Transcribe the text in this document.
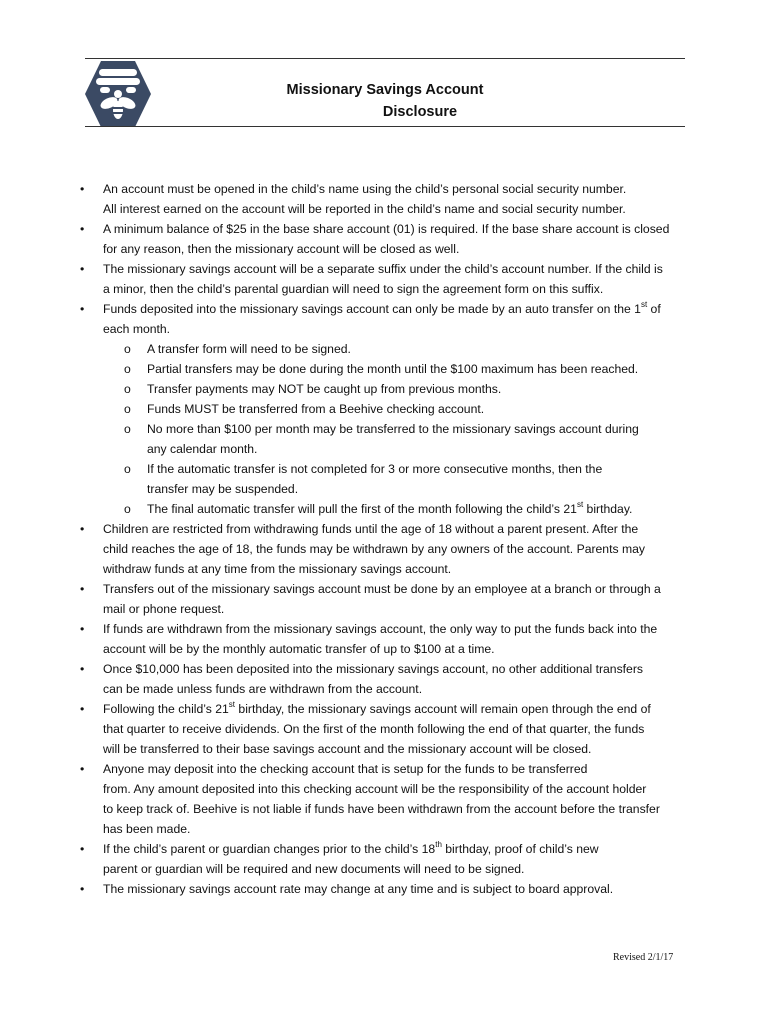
Missionary Savings Account
Disclosure
• An account must be opened in the child’s name using the child’s personal social security number.

All interest earned on the account will be reported in the child’s name and social security number.

• A minimum balance of $25 in the base share account (01) is required. If the base share account is closed

for any reason, then the missionary account will be closed as well.

• The missionary savings account will be a separate suffix under the child’s account number. If the child is

a minor, then the child’s parental guardian will need to sign the agreement form on this suffix.

• Funds deposited into the missionary savings account can only be made by an auto transfer on the 1st of

each month.

o A transfer form will need to be signed.

o Partial transfers may be done during the month until the $100 maximum has been reached.

o Transfer payments may NOT be caught up from previous months.

o Funds MUST be transferred from a Beehive checking account.

o No more than $100 per month may be transferred to the missionary savings account during

any calendar month.

o If the automatic transfer is not completed for 3 or more consecutive months, then the

transfer may be suspended.

o The final automatic transfer will pull the first of the month following the child’s 21st birthday.

• Children are restricted from withdrawing funds until the age of 18 without a parent present. After the

child reaches the age of 18, the funds may be withdrawn by any owners of the account. Parents may

withdraw funds at any time from the missionary savings account.

• Transfers out of the missionary savings account must be done by an employee at a branch or through a

mail or phone request.

• If funds are withdrawn from the missionary savings account, the only way to put the funds back into the

account will be by the monthly automatic transfer of up to $100 at a time.

• Once $10,000 has been deposited into the missionary savings account, no other additional transfers

can be made unless funds are withdrawn from the account.

• Following the child’s 21st birthday, the missionary savings account will remain open through the end of

that quarter to receive dividends. On the first of the month following the end of that quarter, the funds

will be transferred to their base savings account and the missionary account will be closed.

• Anyone may deposit into the checking account that is setup for the funds to be transferred

from. Any amount deposited into this checking account will be the responsibility of the account holder

to keep track of. Beehive is not liable if funds have been withdrawn from the account before the transfer

has been made.

• If the child’s parent or guardian changes prior to the child’s 18th birthday, proof of child’s new

parent or guardian will be required and new documents will need to be signed.

• The missionary savings account rate may change at any time and is subject to board approval.

Revised 2/1/17
